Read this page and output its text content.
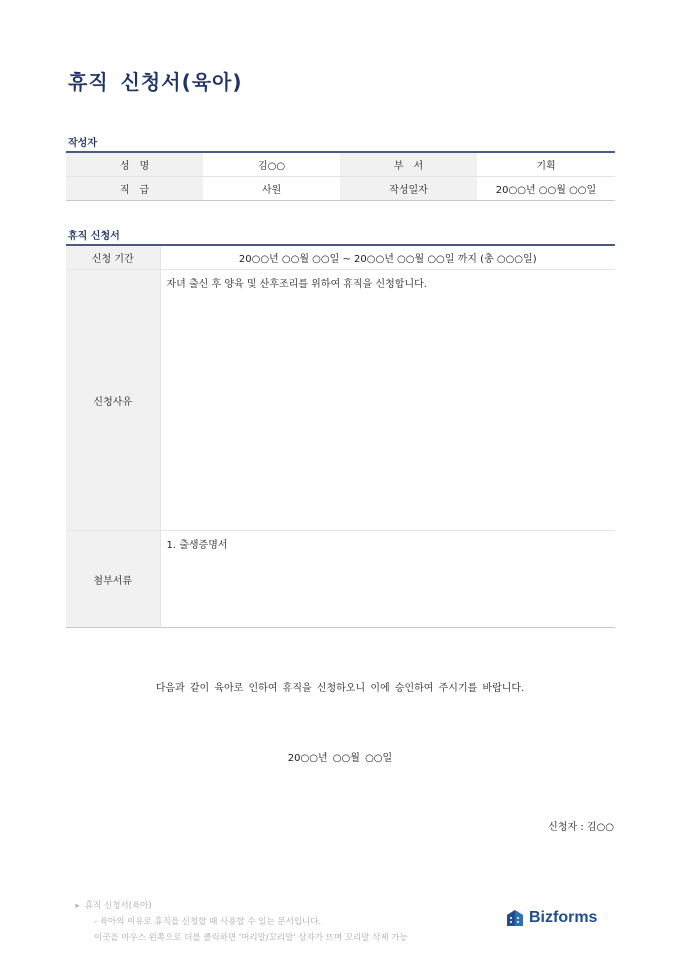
휴직 신청서(육아)
작성자
성　명	김○○	부　서	기획
직　급	사원	작성일자	20○○년 ○○월 ○○일
휴직 신청서
신청 기간	20○○년 ○○월 ○○일 ~ 20○○년 ○○월 ○○일 까지 (총 ○○○일)
신청사유	자녀 출신 후 양육 및 산후조리를 위하여 휴직을 신청합니다.
첨부서류	1. 출생증명서
다음과 같이 육아로 인하여 휴직을 신청하오니 이에 승인하여 주시기를 바랍니다.
20○○년 ○○월 ○○일
신청자 : 김○○
➤ 휴직 신청서(육아)
- 육아의 이유로 휴직을 신청할 때 사용할 수 있는 문서입니다.
이곳을 마우스 왼쪽으로 더블 클릭하면 '머리말/꼬리말' 상자가 뜨며 꼬리말 삭제 가능
Bizforms
